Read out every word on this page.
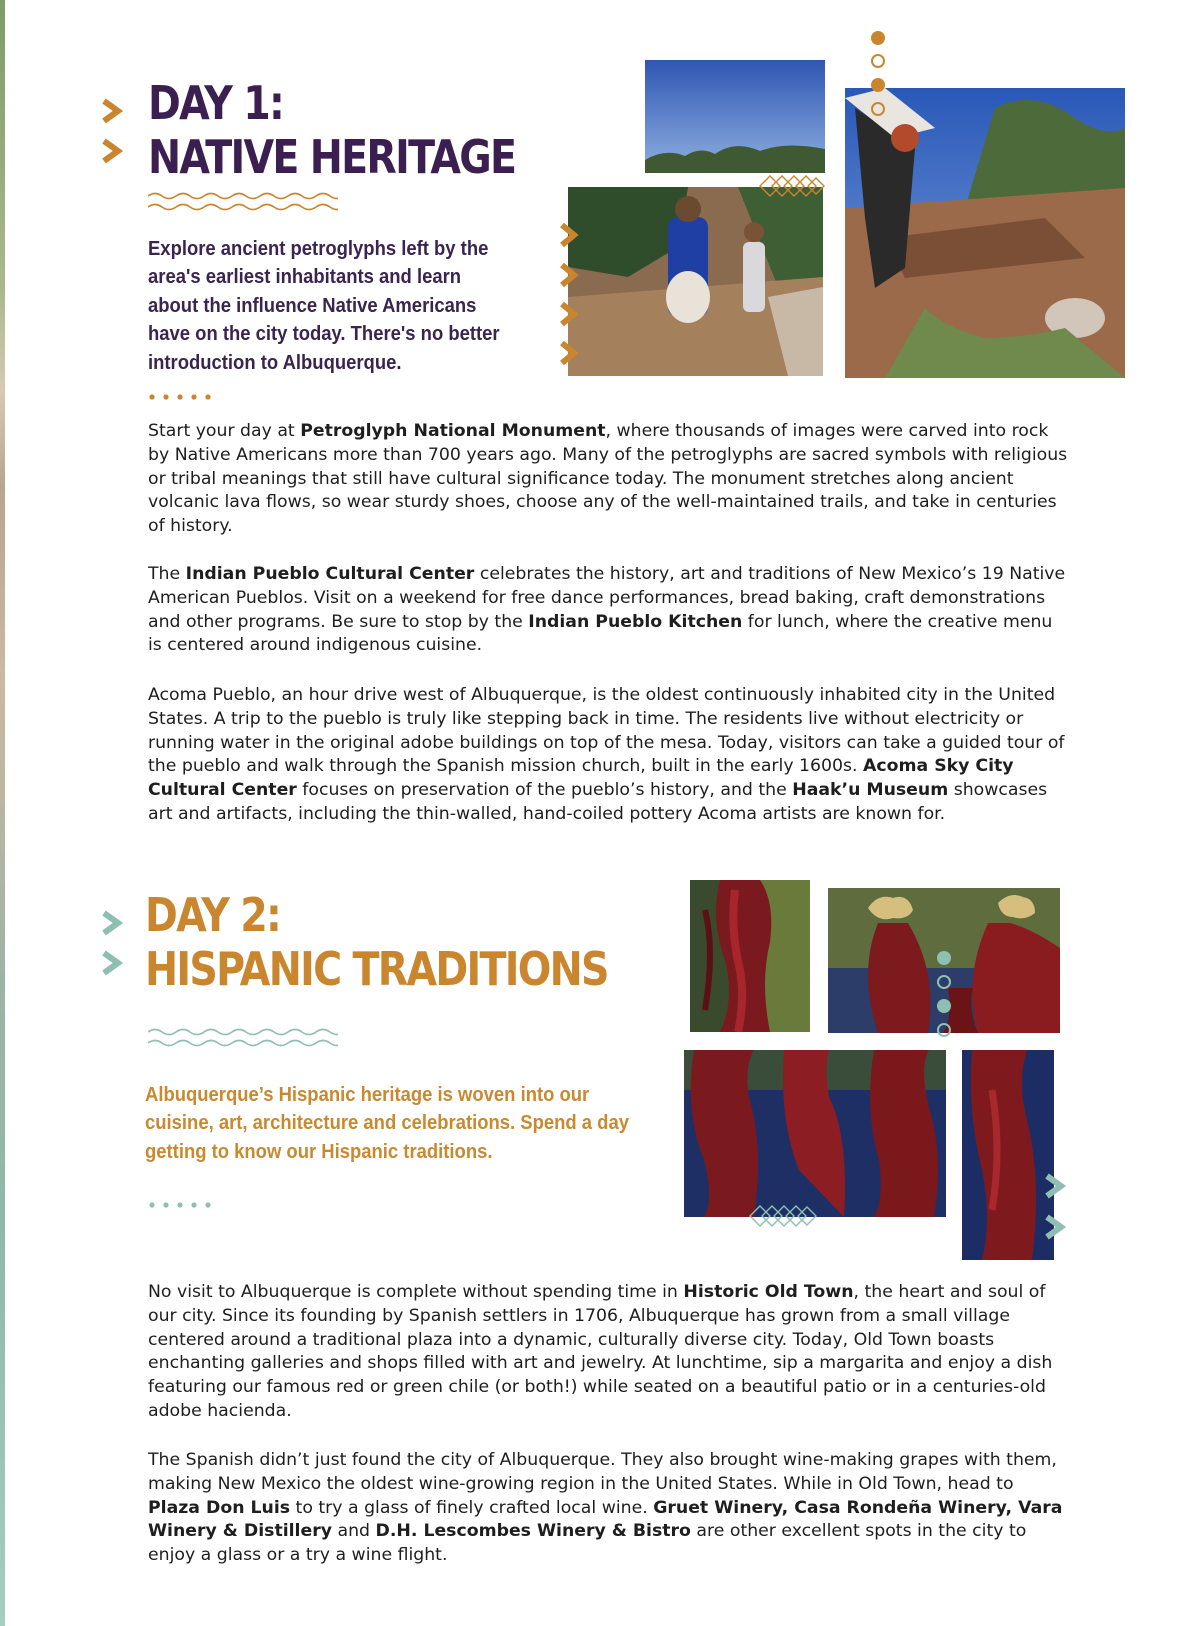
DAY 1:
NATIVE HERITAGE
Explore ancient petroglyphs left by the area's earliest inhabitants and learn about the influence Native Americans have on the city today. There's no better introduction to Albuquerque.

Start your day at Petroglyph National Monument, where thousands of images were carved into rock by Native Americans more than 700 years ago. Many of the petroglyphs are sacred symbols with religious or tribal meanings that still have cultural significance today. The monument stretches along ancient volcanic lava flows, so wear sturdy shoes, choose any of the well-maintained trails, and take in centuries of history.

The Indian Pueblo Cultural Center celebrates the history, art and traditions of New Mexico’s 19 Native American Pueblos. Visit on a weekend for free dance performances, bread baking, craft demonstrations and other programs. Be sure to stop by the Indian Pueblo Kitchen for lunch, where the creative menu is centered around indigenous cuisine.

Acoma Pueblo, an hour drive west of Albuquerque, is the oldest continuously inhabited city in the United States. A trip to the pueblo is truly like stepping back in time. The residents live without electricity or running water in the original adobe buildings on top of the mesa. Today, visitors can take a guided tour of the pueblo and walk through the Spanish mission church, built in the early 1600s. Acoma Sky City Cultural Center focuses on preservation of the pueblo’s history, and the Haak’u Museum showcases art and artifacts, including the thin-walled, hand-coiled pottery Acoma artists are known for.

DAY 2:
HISPANIC TRADITIONS
Albuquerque’s Hispanic heritage is woven into our cuisine, art, architecture and celebrations. Spend a day getting to know our Hispanic traditions.

No visit to Albuquerque is complete without spending time in Historic Old Town, the heart and soul of our city. Since its founding by Spanish settlers in 1706, Albuquerque has grown from a small village centered around a traditional plaza into a dynamic, culturally diverse city. Today, Old Town boasts enchanting galleries and shops filled with art and jewelry. At lunchtime, sip a margarita and enjoy a dish featuring our famous red or green chile (or both!) while seated on a beautiful patio or in a centuries-old adobe hacienda.

The Spanish didn’t just found the city of Albuquerque. They also brought wine-making grapes with them, making New Mexico the oldest wine-growing region in the United States. While in Old Town, head to Plaza Don Luis to try a glass of finely crafted local wine. Gruet Winery, Casa Rondeña Winery, Vara Winery & Distillery and D.H. Lescombes Winery & Bistro are other excellent spots in the city to enjoy a glass or a try a wine flight.
